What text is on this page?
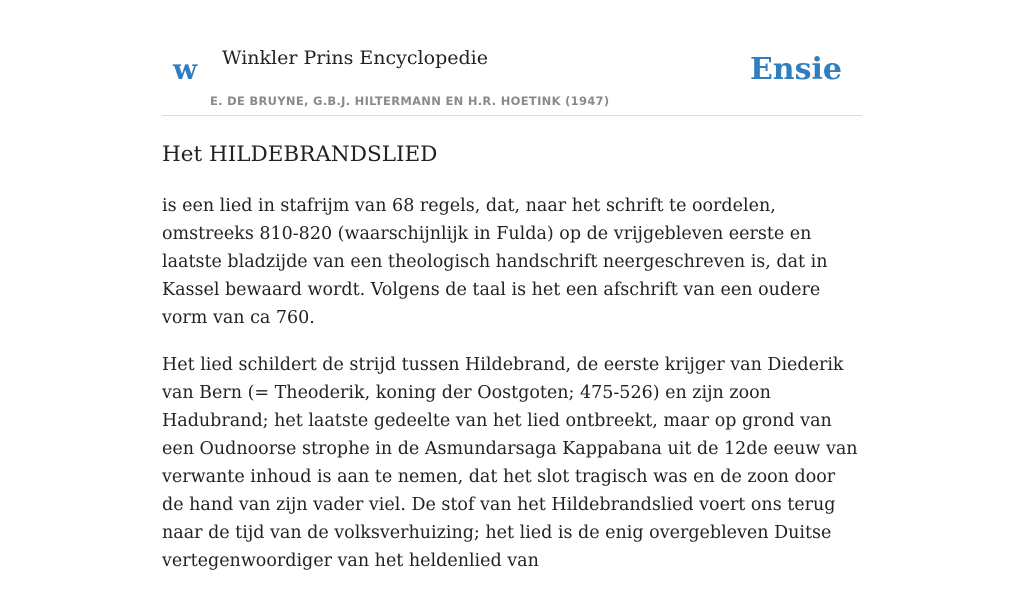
w Winkler Prins Encyclopedie	Ensie
E. DE BRUYNE, G.B.J. HILTERMANN EN H.R. HOETINK (1947)
Het HILDEBRANDSLIED

is een lied in stafrijm van 68 regels, dat, naar het schrift te oordelen, omstreeks 810-820 (waarschijnlijk in Fulda) op de vrijgebleven eerste en laatste bladzijde van een theologisch handschrift neergeschreven is, dat in Kassel bewaard wordt. Volgens de taal is het een afschrift van een oudere vorm van ca 760.

Het lied schildert de strijd tussen Hildebrand, de eerste krijger van Diederik van Bern (= Theoderik, koning der Oostgoten; 475-526) en zijn zoon Hadubrand; het laatste gedeelte van het lied ontbreekt, maar op grond van een Oudnoorse strophe in de Asmundarsaga Kappabana uit de 12de eeuw van verwante inhoud is aan te nemen, dat het slot tragisch was en de zoon door de hand van zijn vader viel. De stof van het Hildebrandslied voert ons terug naar de tijd van de volksverhuizing; het lied is de enig overgebleven Duitse vertegenwoordiger van het heldenlied van
